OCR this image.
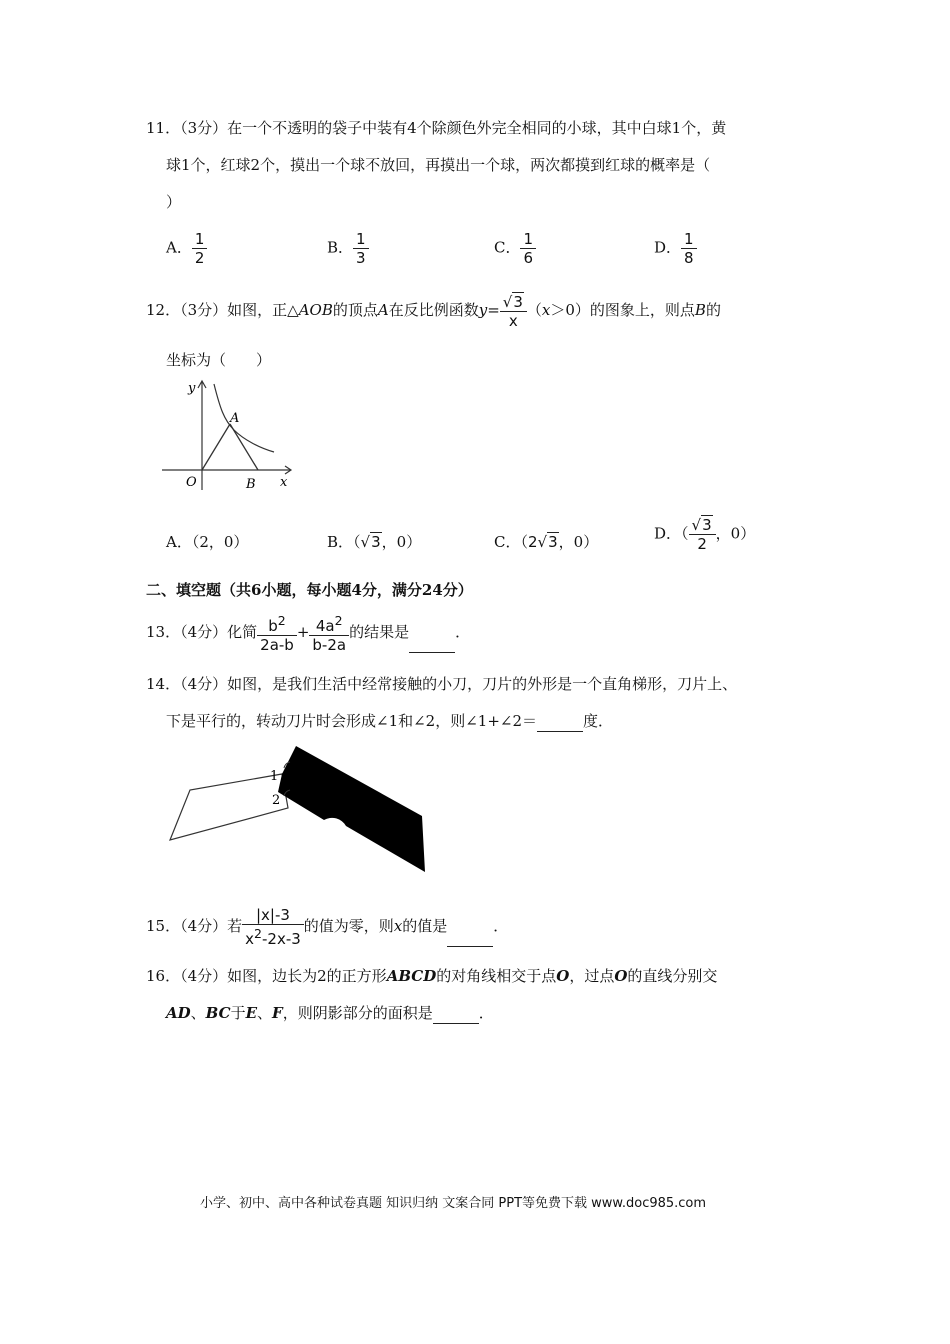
11．（3分）在一个不透明的袋子中装有4个除颜色外完全相同的小球，其中白球1个，黄
球1个，红球2个，摸出一个球不放回，再摸出一个球，两次都摸到红球的概率是（
）
A． $\frac{1}{2}$	B． $\frac{1}{3}$	C． $\frac{1}{6}$	D． $\frac{1}{8}$
12．（3分）如图，正△AOB的顶点A在反比例函数$y= \frac{√3}{x} (x>0)$的图象上，则点B的
坐标为（　　）
y
A
O	B x
A．（2，0）	B．（√3，0）	C．（2√3，0）	D．（ $\frac{√3}{2}$ ，0）
二、填空题（共6小题，每小题4分，满分24分）
13．（4分）化简 $\frac{b^2}{2a-b} + \frac{4a^2}{b-2a}$ 的结果是	．
14．（4分）如图，是我们生活中经常接触的小刀，刀片的外形是一个直角梯形，刀片上、
下是平行的，转动刀片时会形成∠1和∠2，则∠1+∠2＝	度．
1
2
15．（4分）若 $\frac{|x|-3}{x^2-2x-3}$ 的值为零，则x的值是	．
16．（4分）如图，边长为2的正方形ABCD的对角线相交于点O，过点O的直线分别交
AD、BC于E、F，则阴影部分的面积是	．
小学、初中、高中各种试卷真题 知识归纳 文案合同 PPT等免费下载 www.doc985.com
